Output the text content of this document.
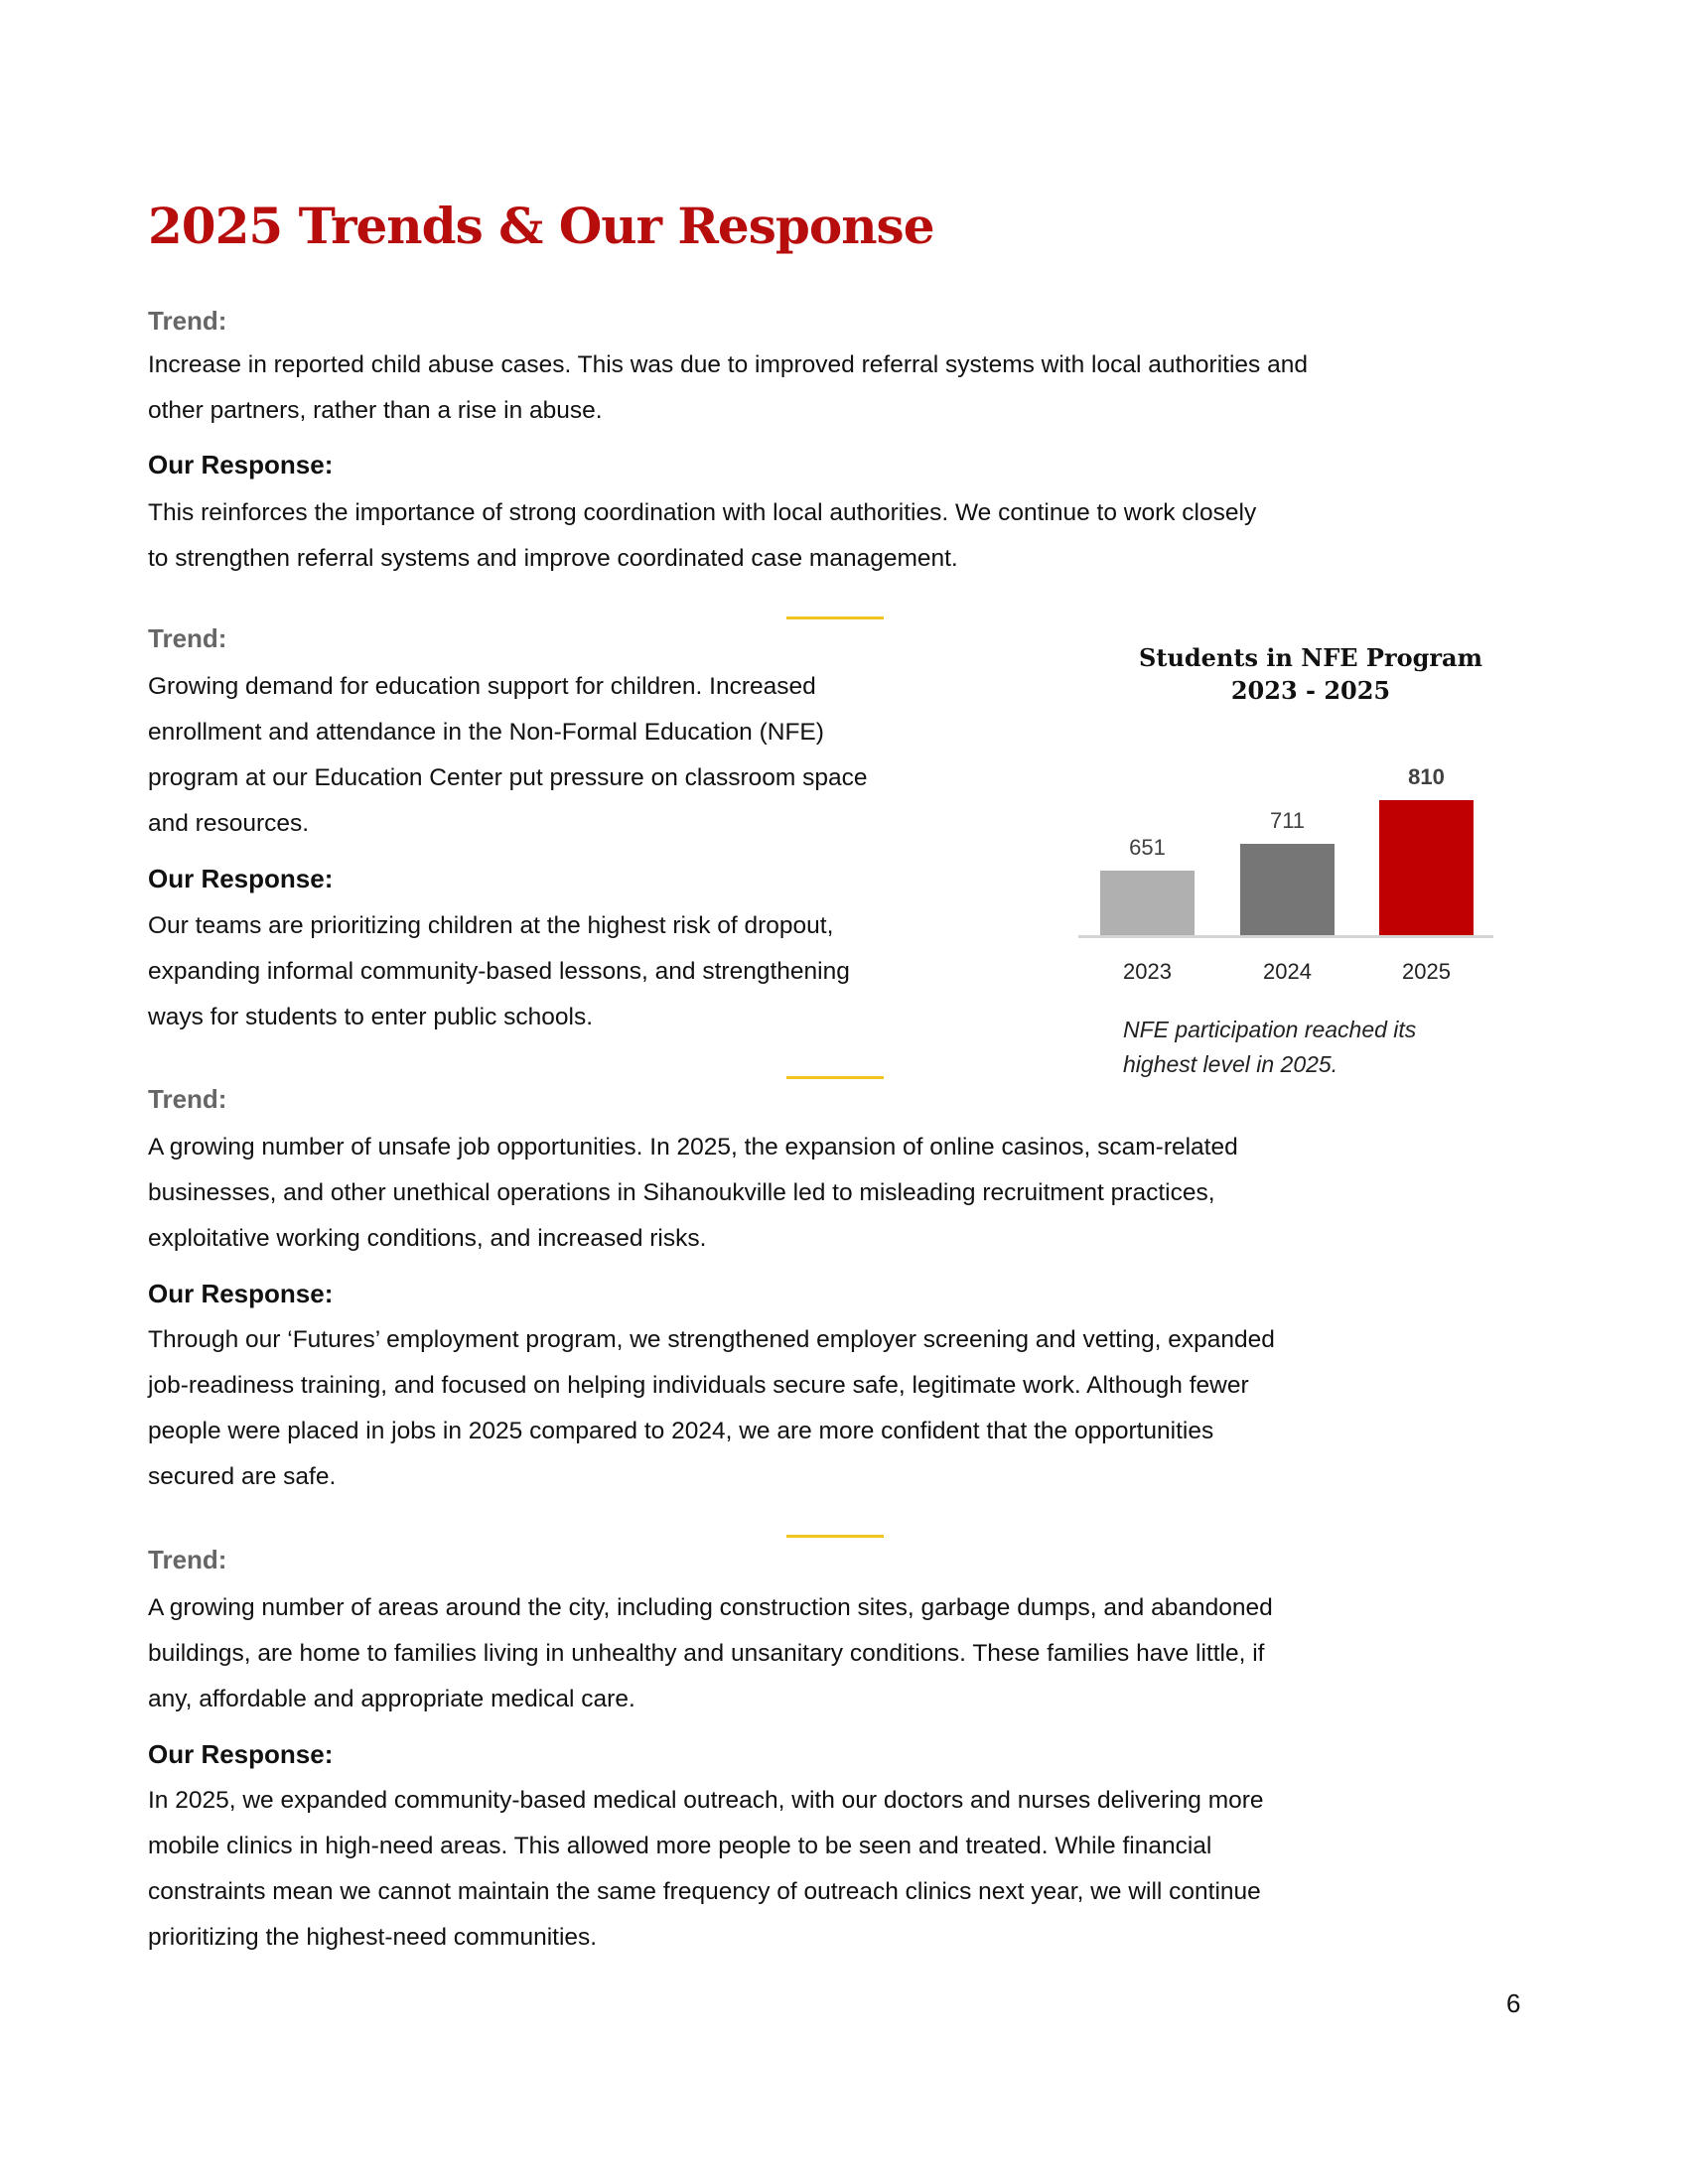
2025 Trends & Our Response
Trend:
Increase in reported child abuse cases. This was due to improved referral systems with local authorities and
other partners, rather than a rise in abuse.
Our Response:
This reinforces the importance of strong coordination with local authorities. We continue to work closely
to strengthen referral systems and improve coordinated case management.
Trend:
Growing demand for education support for children. Increased
enrollment and attendance in the Non-Formal Education (NFE)
program at our Education Center put pressure on classroom space
and resources.
Our Response:
Our teams are prioritizing children at the highest risk of dropout,
expanding informal community-based lessons, and strengthening
ways for students to enter public schools.
Trend:
A growing number of unsafe job opportunities. In 2025, the expansion of online casinos, scam-related
businesses, and other unethical operations in Sihanoukville led to misleading recruitment practices,
exploitative working conditions, and increased risks.
Our Response:
Through our ‘Futures’ employment program, we strengthened employer screening and vetting, expanded
job-readiness training, and focused on helping individuals secure safe, legitimate work. Although fewer
people were placed in jobs in 2025 compared to 2024, we are more confident that the opportunities
secured are safe.
Trend:
A growing number of areas around the city, including construction sites, garbage dumps, and abandoned
buildings, are home to families living in unhealthy and unsanitary conditions. These families have little, if
any, affordable and appropriate medical care.
Our Response:
In 2025, we expanded community-based medical outreach, with our doctors and nurses delivering more
mobile clinics in high-need areas. This allowed more people to be seen and treated. While financial
constraints mean we cannot maintain the same frequency of outreach clinics next year, we will continue
prioritizing the highest-need communities.
Students in NFE Program
2023 - 2025
651
2023
711
2024
810
2025
NFE participation reached its
highest level in 2025.
6
